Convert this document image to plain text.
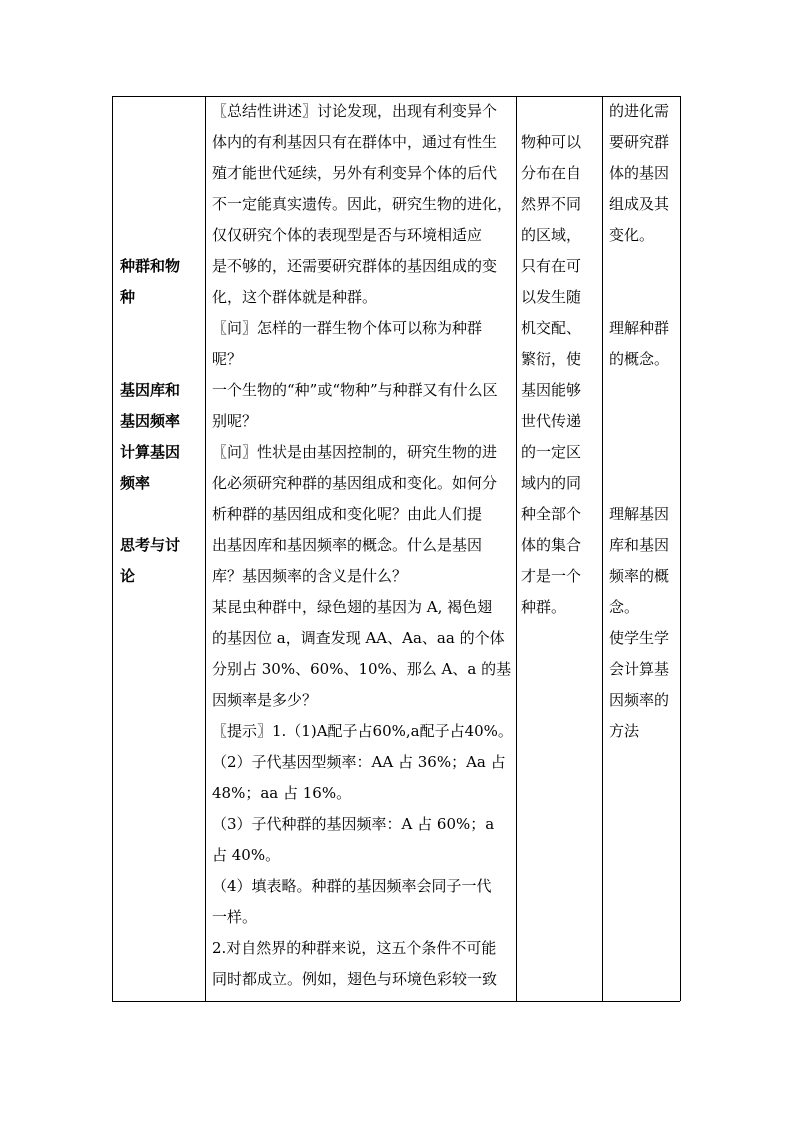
种群和物
种
基因库和
基因频率
计算基因
频率
思考与讨
论
〖总结性讲述〗讨论发现，出现有利变异个
体内的有利基因只有在群体中，通过有性生
殖才能世代延续，另外有利变异个体的后代
不一定能真实遗传。因此，研究生物的进化，
仅仅研究个体的表现型是否与环境相适应
是不够的，还需要研究群体的基因组成的变
化，这个群体就是种群。
〖问〗怎样的一群生物个体可以称为种群
呢？
一个生物的“种”或“物种”与种群又有什么区
别呢？
〖问〗性状是由基因控制的，研究生物的进
化必须研究种群的基因组成和变化。如何分
析种群的基因组成和变化呢？由此人们提
出基因库和基因频率的概念。什么是基因
库？基因频率的含义是什么？
某昆虫种群中，绿色翅的基因为 A, 褐色翅
的基因位 a，调查发现 AA、Aa、aa 的个体
分别占 30%、60%、10%、那么 A、a 的基
因频率是多少？
〖提示〗1.（1)A配子占60%,a配子占40%。
（2）子代基因型频率：AA 占 36%；Aa 占
48%；aa 占 16%。
（3）子代种群的基因频率：A 占 60%；a
占 40%。
（4）填表略。种群的基因频率会同子一代
一样。
2.对自然界的种群来说，这五个条件不可能
同时都成立。例如，翅色与环境色彩较一致
物种可以
分布在自
然界不同
的区域，
只有在可
以发生随
机交配、
繁衍，使
基因能够
世代传递
的一定区
域内的同
种全部个
体的集合
才是一个
种群。
的进化需
要研究群
体的基因
组成及其
变化。
理解种群
的概念。
理解基因
库和基因
频率的概
念。
使学生学
会计算基
因频率的
方法
